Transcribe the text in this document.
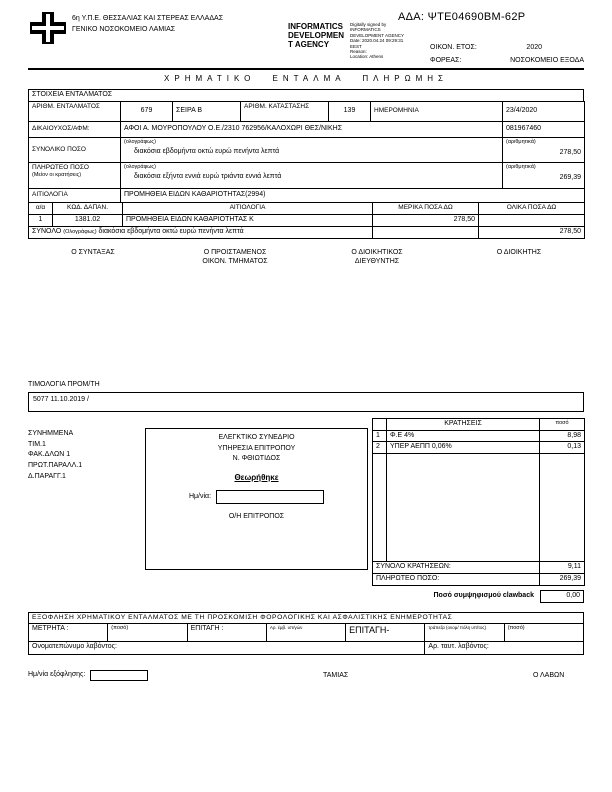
6η Υ.Π.Ε. ΘΕΣΣΑΛΙΑΣ ΚΑΙ ΣΤΕΡΕΑΣ ΕΛΛΑΔΑΣ
ΓΕΝΙΚΟ ΝΟΣΟΚΟΜΕΙΟ ΛΑΜΙΑΣ
ΑΔΑ: ΨΤΕ04690ΒΜ-62Ρ
INFORMATICS
DEVELOPMEN
T AGENCY
Digitally signed by
INFORMATICS
DEVELOPMENT AGENCY
Date: 2020.04.24 09:29:31
EEST
Reason:
Location: Athens
ΟΙΚΟΝ. ΕΤΟΣ:	2020
ΦΟΡΕΑΣ:	ΝΟΣΟΚΟΜΕΙΟ ΕΞΟΔΑ
ΧΡΗΜΑΤΙΚΟ ΕΝΤΑΛΜΑ ΠΛΗΡΩΜΗΣ
ΣΤΟΙΧΕΙΑ ΕΝΤΑΛΜΑΤΟΣ
ΑΡΙΘΜ. ΕΝΤΑΛΜΑΤΟΣ	679	ΣΕΙΡΑ Β	ΑΡΙΘΜ. ΚΑΤΑΣΤΑΣΗΣ	139	ΗΜΕΡΟΜΗΝΙΑ	23/4/2020
ΔΙΚΑΙΟΥΧΟΣ/ΑΦΜ:	ΑΦΟΙ Α. ΜΟΥΡΟΠΟΥΛΟΥ Ο.Ε./2310 762956/ΚΑΛΟΧΩΡΙ ΘΕΣ/ΝΙΚΗΣ	081967460
ΣΥΝΟΛΙΚΟ ΠΟΣΟ	
(ολογράφως)
διακόσια εβδομήντα οκτώ ευρώ πενήντα λεπτά

(αριθμητικά)
278,50
ΠΛΗΡΩΤΕΟ ΠΟΣΟ
(Μείον οι κρατήσεις)

(ολογράφως)
διακόσια εξήντα εννιά ευρώ τριάντα εννιά λεπτά

(αριθμητικά)
269,39
ΑΙΤΙΟΛΟΓΙΑ	ΠΡΟΜΗΘΕΙΑ ΕΙΔΩΝ ΚΑΘΑΡΙΟΤΗΤΑΣ(2994)
α/α	ΚΩΔ. ΔΑΠΑΝ.	ΑΙΤΙΟΛΟΓΙΑ	ΜΕΡΙΚΑ ΠΟΣΑ ΔΩ	ΟΛΙΚΑ ΠΟΣΑ ΔΩ
1	1381.02	ΠΡΟΜΗΘΕΙΑ ΕΙΔΩΝ ΚΑΘΑΡΙΟΤΗΤΑΣ Κ	278,50	
ΣΥΝΟΛΟ (Ολογράφως) διακόσια εβδομήντα οκτώ ευρώ πενήντα λεπτά				278,50
Ο ΣΥΝΤΑΞΑΣ	Ο ΠΡΟΙΣΤΑΜΕΝΟΣ
ΟΙΚΟΝ. ΤΜΗΜΑΤΟΣ
Ο ΔΙΟΙΚΗΤΙΚΟΣ
ΔΙΕΥΘΥΝΤΗΣ
Ο ΔΙΟΙΚΗΤΗΣ
ΤΙΜΟΛΟΓΙΑ ΠΡΟΜ/ΤΗ
5077 11.10.2019 /
ΣΥΝΗΜΜΕΝΑ
ΤΙΜ.1
ΦΑΚ.ΔΛΩΝ 1
ΠΡΩΤ.ΠΑΡΑΛΛ.1
Δ.ΠΑΡΑΓΓ.1
ΕΛΕΓΚΤΙΚΟ ΣΥΝΕΔΡΙΟ
ΥΠΗΡΕΣΙΑ ΕΠΙΤΡΟΠΟΥ
Ν. ΦΘΙΩΤΙΔΟΣ
Θεωρήθηκε
Ημ/νία:
Ο/Η ΕΠΙΤΡΟΠΟΣ
	ΚΡΑΤΗΣΕΙΣ	ποσό
1	Φ.Ε 4%	8,98
2	ΥΠΕΡ ΑΕΠΠ 0,06%	0,13

ΣΥΝΟΛΟ ΚΡΑΤΗΣΕΩΝ:		9,11
ΠΛΗΡΩΤΕΟ ΠΟΣΟ:		269,39
Ποσό συμψηφισμού clawback	0,00
ΕΞΟΦΛΗΣΗ ΧΡΗΜΑΤΙΚΟΥ ΕΝΤΑΛΜΑΤΟΣ ΜΕ ΤΗ ΠΡΟΣΚΟΜΙΣΗ ΦΟΡΟΛΟΓΙΚΗΣ ΚΑΙ ΑΣΦΑΛΙΣΤΙΚΗΣ ΕΝΗΜΕΡΟΤΗΤΑΣ						
ΜΕΤΡΗΤΑ :	(ποσό)	ΕΠΙΤΑΓΗ :	Αρ. έμβ. υπ/γών	ΕΠΙΤΑΓΗ-	τράπεζα (ονομ/ πόλη υπ/τος)	(ποσό)
Ονοματεπώνυμο λαβόντος:					Αρ. ταυτ. λαβόντος:	
Ημ/νία εξόφλησης:	ΤΑΜΙΑΣ	Ο ΛΑΒΩΝ
